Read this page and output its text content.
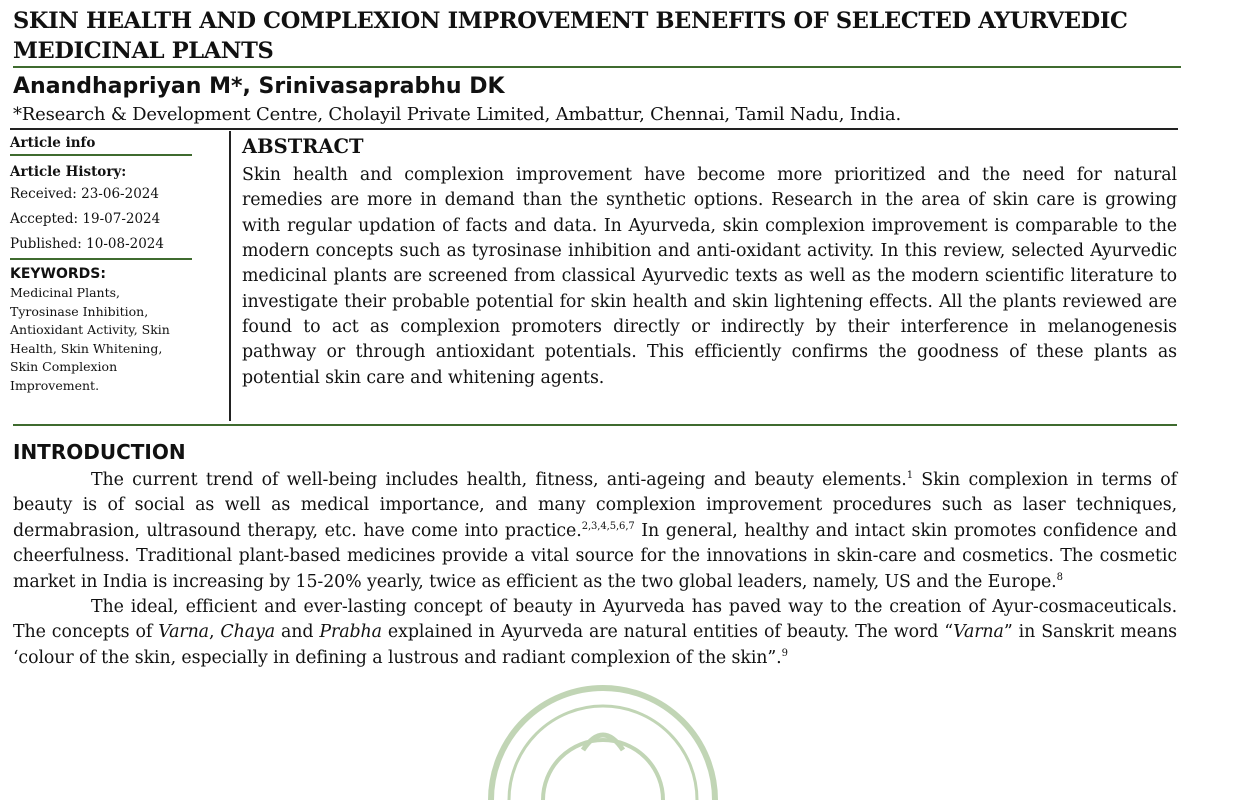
SKIN HEALTH AND COMPLEXION IMPROVEMENT BENEFITS OF SELECTED AYURVEDIC MEDICINAL PLANTS
Anandhapriyan M*, Srinivasaprabhu DK
*Research & Development Centre, Cholayil Private Limited, Ambattur, Chennai, Tamil Nadu, India.
Article info
Article History:
Received: 23-06-2024
Accepted: 19-07-2024
Published: 10-08-2024
KEYWORDS:
Medicinal Plants, Tyrosinase Inhibition, Antioxidant Activity, Skin Health, Skin Whitening, Skin Complexion Improvement.
ABSTRACT
Skin health and complexion improvement have become more prioritized and the need for natural remedies are more in demand than the synthetic options. Research in the area of skin care is growing with regular updation of facts and data. In Ayurveda, skin complexion improvement is comparable to the modern concepts such as tyrosinase inhibition and anti-oxidant activity. In this review, selected Ayurvedic medicinal plants are screened from classical Ayurvedic texts as well as the modern scientific literature to investigate their probable potential for skin health and skin lightening effects. All the plants reviewed are found to act as complexion promoters directly or indirectly by their interference in melanogenesis pathway or through antioxidant potentials. This efficiently confirms the goodness of these plants as potential skin care and whitening agents.
INTRODUCTION

The current trend of well-being includes health, fitness, anti-ageing and beauty elements.$^1$ Skin complexion in terms of beauty is of social as well as medical importance, and many complexion improvement procedures such as laser techniques, dermabrasion, ultrasound therapy, etc. have come into practice.$^{2,3,4,5,6,7}$ In general, healthy and intact skin promotes confidence and cheerfulness. Traditional plant-based medicines provide a vital source for the innovations in skin-care and cosmetics. The cosmetic market in India is increasing by 15-20% yearly, twice as efficient as the two global leaders, namely, US and the Europe.$^8$

The ideal, efficient and ever-lasting concept of beauty in Ayurveda has paved way to the creation of Ayur-cosmaceuticals. The concepts of Varna, Chaya and Prabha explained in Ayurveda are natural entities of beauty. The word “Varna” in Sanskrit means ‘colour of the skin, especially in defining a lustrous and radiant complexion of the skin”.$^9$
